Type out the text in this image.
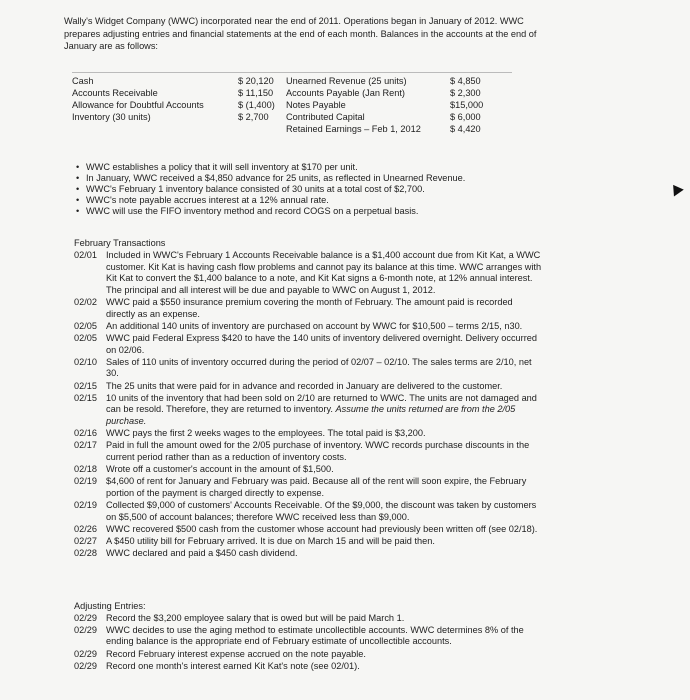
Wally's Widget Company (WWC) incorporated near the end of 2011. Operations began in January of 2012. WWC prepares adjusting entries and financial statements at the end of each month. Balances in the accounts at the end of January are as follows:
Cash
Accounts Receivable
Allowance for Doubtful Accounts
Inventory (30 units)
$ 20,120
$ 11,150
$ (1,400)
$ 2,700
Unearned Revenue (25 units)
Accounts Payable (Jan Rent)
Notes Payable
Contributed Capital
Retained Earnings – Feb 1, 2012
$ 4,850
$ 2,300
$15,000
$ 6,000
$ 4,420
• WWC establishes a policy that it will sell inventory at $170 per unit.
• In January, WWC received a $4,850 advance for 25 units, as reflected in Unearned Revenue.
• WWC's February 1 inventory balance consisted of 30 units at a total cost of $2,700.
• WWC's note payable accrues interest at a 12% annual rate.
• WWC will use the FIFO inventory method and record COGS on a perpetual basis.
February Transactions
02/01 Included in WWC's February 1 Accounts Receivable balance is a $1,400 account due from Kit Kat, a WWC customer. Kit Kat is having cash flow problems and cannot pay its balance at this time. WWC arranges with Kit Kat to convert the $1,400 balance to a note, and Kit Kat signs a 6-month note, at 12% annual interest. The principal and all interest will be due and payable to WWC on August 1, 2012.
02/02 WWC paid a $550 insurance premium covering the month of February. The amount paid is recorded directly as an expense.
02/05 An additional 140 units of inventory are purchased on account by WWC for $10,500 – terms 2/15, n30.
02/05 WWC paid Federal Express $420 to have the 140 units of inventory delivered overnight. Delivery occurred on 02/06.
02/10 Sales of 110 units of inventory occurred during the period of 02/07 – 02/10. The sales terms are 2/10, net 30.
02/15 The 25 units that were paid for in advance and recorded in January are delivered to the customer.
02/15 10 units of the inventory that had been sold on 2/10 are returned to WWC. The units are not damaged and can be resold. Therefore, they are returned to inventory. Assume the units returned are from the 2/05 purchase.
02/16 WWC pays the first 2 weeks wages to the employees. The total paid is $3,200.
02/17 Paid in full the amount owed for the 2/05 purchase of inventory. WWC records purchase discounts in the current period rather than as a reduction of inventory costs.
02/18 Wrote off a customer's account in the amount of $1,500.
02/19 $4,600 of rent for January and February was paid. Because all of the rent will soon expire, the February portion of the payment is charged directly to expense.
02/19 Collected $9,000 of customers' Accounts Receivable. Of the $9,000, the discount was taken by customers on $5,500 of account balances; therefore WWC received less than $9,000.
02/26 WWC recovered $500 cash from the customer whose account had previously been written off (see 02/18).
02/27 A $450 utility bill for February arrived. It is due on March 15 and will be paid then.
02/28 WWC declared and paid a $450 cash dividend.
Adjusting Entries:
02/29 Record the $3,200 employee salary that is owed but will be paid March 1.
02/29 WWC decides to use the aging method to estimate uncollectible accounts. WWC determines 8% of the ending balance is the appropriate end of February estimate of uncollectible accounts.
02/29 Record February interest expense accrued on the note payable.
02/29 Record one month's interest earned Kit Kat's note (see 02/01).
